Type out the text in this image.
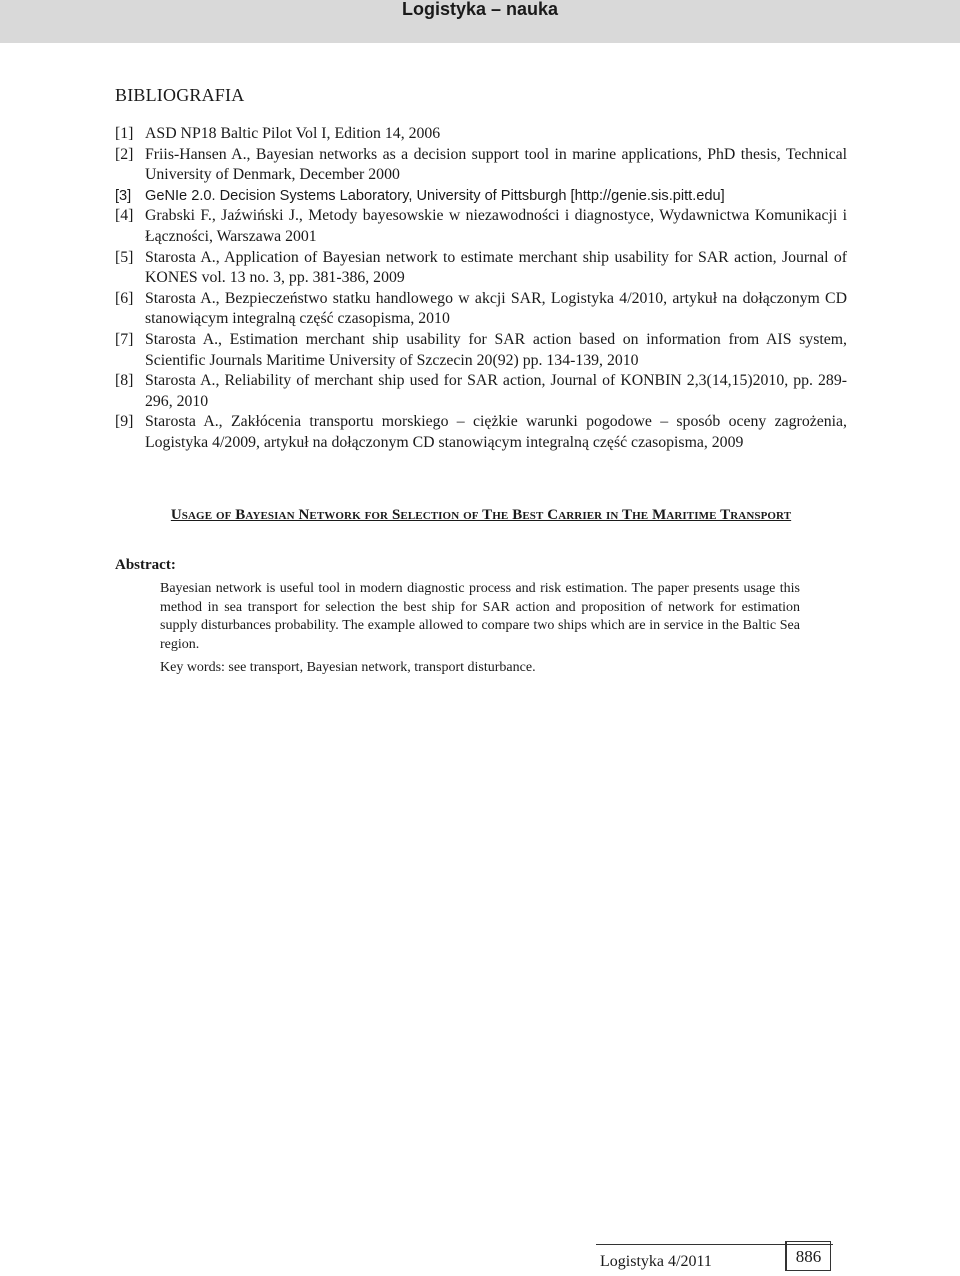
Logistyka – nauka
BIBLIOGRAFIA
[1] ASD NP18 Baltic Pilot Vol I, Edition 14, 2006
[2] Friis-Hansen A., Bayesian networks as a decision support tool in marine applications, PhD thesis, Technical University of Denmark, December 2000
[3] GeNIe 2.0. Decision Systems Laboratory, University of Pittsburgh [http://genie.sis.pitt.edu]
[4] Grabski F., Jaźwiński J., Metody bayesowskie w niezawodności i diagnostyce, Wydawnictwa Komunikacji i Łączności, Warszawa 2001
[5] Starosta A., Application of Bayesian network to estimate merchant ship usability for SAR action, Journal of KONES vol. 13 no. 3, pp. 381-386, 2009
[6] Starosta A., Bezpieczeństwo statku handlowego w akcji SAR, Logistyka 4/2010, artykuł na dołączonym CD stanowiącym integralną część czasopisma, 2010
[7] Starosta A., Estimation merchant ship usability for SAR action based on information from AIS system, Scientific Journals Maritime University of Szczecin 20(92) pp. 134-139, 2010
[8] Starosta A., Reliability of merchant ship used for SAR action, Journal of KONBIN 2,3(14,15)2010, pp. 289-296, 2010
[9] Starosta A., Zakłócenia transportu morskiego – ciężkie warunki pogodowe – sposób oceny zagrożenia, Logistyka 4/2009, artykuł na dołączonym CD stanowiącym integralną część czasopisma, 2009
Usage of Bayesian Network for Selection of The Best Carrier in The Maritime Transport
Abstract:
Bayesian network is useful tool in modern diagnostic process and risk estimation. The paper presents usage this method in sea transport for selection the best ship for SAR action and proposition of network for estimation supply disturbances probability. The example allowed to compare two ships which are in service in the Baltic Sea region.
Key words: see transport, Bayesian network, transport disturbance.
Logistyka 4/2011	886
